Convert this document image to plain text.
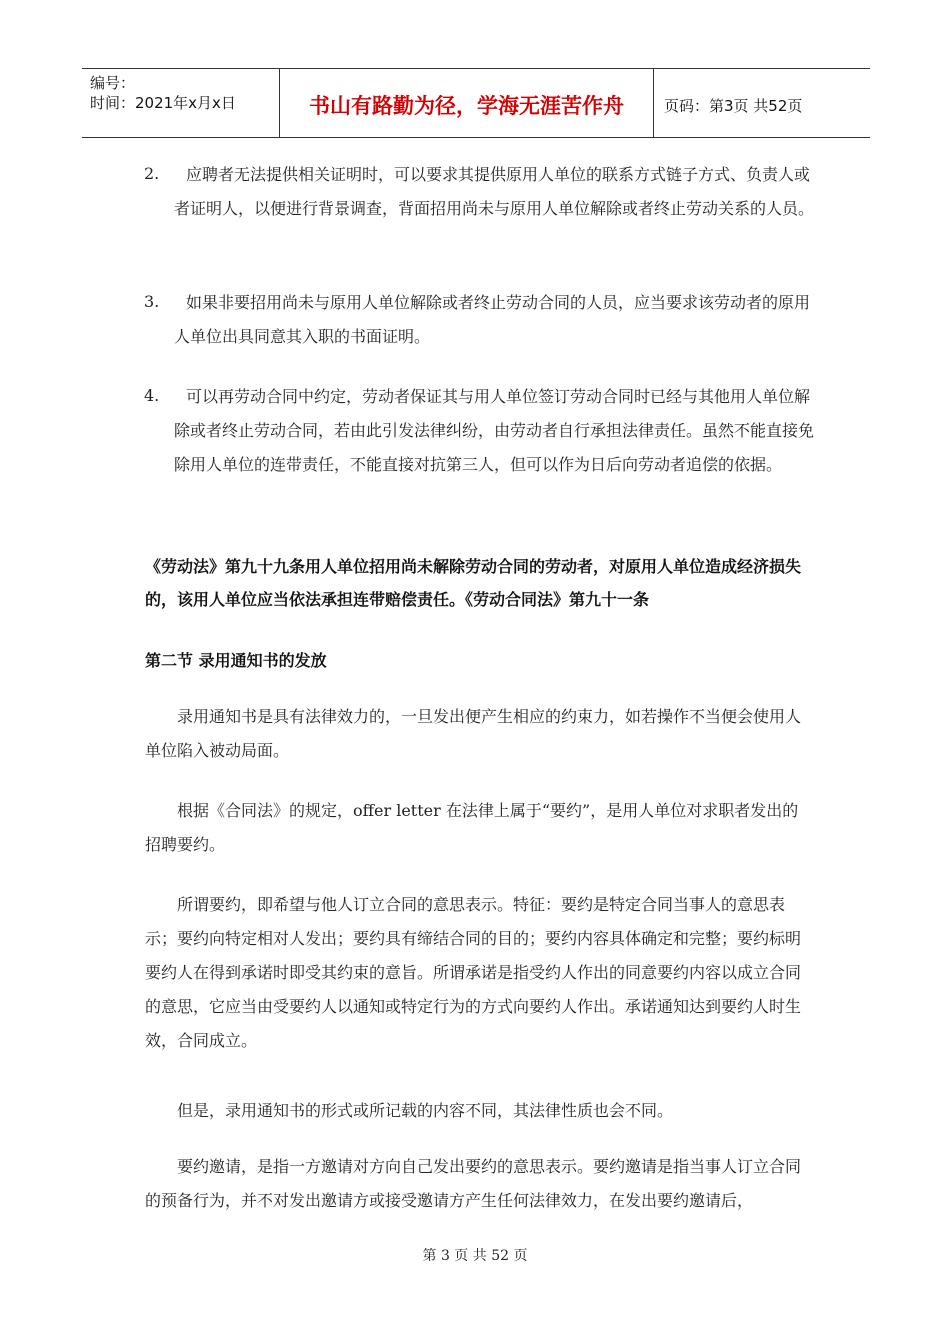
编号：
时间：2021年x月x日	书山有路勤为径，学海无涯苦作舟	页码：第3页 共52页
2.	应聘者无法提供相关证明时，可以要求其提供原用人单位的联系方式链子方式、负责人或者证明人，以便进行背景调查，背面招用尚未与原用人单位解除或者终止劳动关系的人员。
3.	如果非要招用尚未与原用人单位解除或者终止劳动合同的人员，应当要求该劳动者的原用人单位出具同意其入职的书面证明。
4.	可以再劳动合同中约定，劳动者保证其与用人单位签订劳动合同时已经与其他用人单位解除或者终止劳动合同，若由此引发法律纠纷，由劳动者自行承担法律责任。虽然不能直接免除用人单位的连带责任，不能直接对抗第三人，但可以作为日后向劳动者追偿的依据。
《劳动法》第九十九条用人单位招用尚未解除劳动合同的劳动者，对原用人单位造成经济损失的，该用人单位应当依法承担连带赔偿责任。《劳动合同法》第九十一条
第二节 录用通知书的发放
录用通知书是具有法律效力的，一旦发出便产生相应的约束力，如若操作不当便会使用人单位陷入被动局面。
根据《合同法》的规定，offer letter 在法律上属于“要约”，是用人单位对求职者发出的招聘要约。
所谓要约，即希望与他人订立合同的意思表示。特征：要约是特定合同当事人的意思表示；要约向特定相对人发出；要约具有缔结合同的目的；要约内容具体确定和完整；要约标明要约人在得到承诺时即受其约束的意旨。所谓承诺是指受约人作出的同意要约内容以成立合同的意思，它应当由受要约人以通知或特定行为的方式向要约人作出。承诺通知达到要约人时生效，合同成立。
但是，录用通知书的形式或所记载的内容不同，其法律性质也会不同。
要约邀请，是指一方邀请对方向自己发出要约的意思表示。要约邀请是指当事人订立合同的预备行为，并不对发出邀请方或接受邀请方产生任何法律效力，在发出要约邀请后，
第 3 页 共 52 页
